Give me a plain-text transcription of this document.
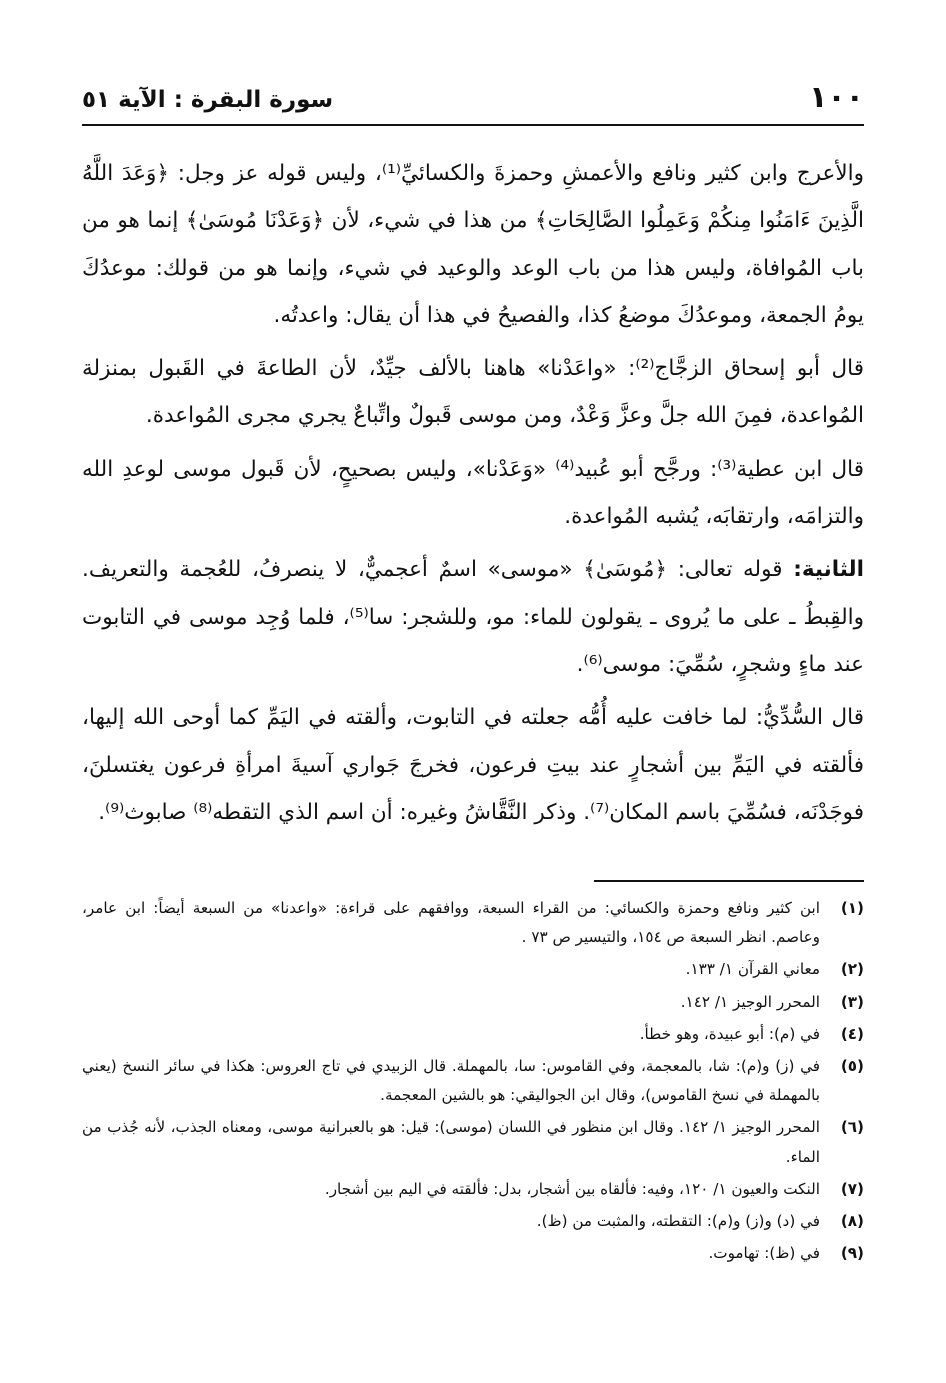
١٠٠
سورة البقرة : الآية ٥١

والأعرج وابن كثير ونافع والأعمشِ وحمزةَ والكسائيِّ⁽¹⁾، وليس قوله عز وجل: ﴿وَعَدَ اللَّهُ الَّذِينَ ءَامَنُوا مِنكُمْ وَعَمِلُوا الصَّالِحَاتِ﴾ من هذا في شيء، لأن ﴿وَعَدْنَا مُوسَىٰ﴾ إنما هو من باب المُوافاة، وليس هذا من باب الوعد والوعيد في شيء، وإنما هو من قولك: موعدُكَ يومُ الجمعة، وموعدُكَ موضعُ كذا، والفصيحُ في هذا أن يقال: واعدتُه.

قال أبو إسحاق الزجَّاج⁽²⁾: «واعَدْنا» هاهنا بالألف جيِّدٌ، لأن الطاعةَ في القَبول بمنزلة المُواعدة، فمِنَ الله جلَّ وعزَّ وَعْدٌ، ومن موسى قَبولٌ واتِّباعٌ يجري مجرى المُواعدة.

قال ابن عطية⁽³⁾: ورجَّح أبو عُبيد⁽⁴⁾ «وَعَدْنا»، وليس بصحيحٍ، لأن قَبول موسى لوعدِ الله والتزامَه، وارتقابَه، يُشبه المُواعدة.

الثانية: قوله تعالى: ﴿مُوسَىٰ﴾ «موسى» اسمٌ أعجميٌّ، لا ينصرفُ، للعُجمة والتعريف. والقِبطُ ـ على ما يُروى ـ يقولون للماء: مو، وللشجر: سا⁽⁵⁾، فلما وُجِد موسى في التابوت عند ماءٍ وشجرٍ، سُمِّيَ: موسى⁽⁶⁾.

قال السُّدِّيُّ: لما خافت عليه أُمُّه جعلته في التابوت، وألقته في اليَمِّ كما أوحى الله إليها، فألقته في اليَمِّ بين أشجارٍ عند بيتِ فرعون، فخرجَ جَواري آسيةَ امرأةِ فرعون يغتسلنَ، فوجَدْنَه، فسُمِّيَ باسم المكان⁽⁷⁾. وذكر النَّقَّاشُ وغيره: أن اسم الذي التقطه⁽⁸⁾ صابوث⁽⁹⁾.

(١)
ابن كثير ونافع وحمزة والكسائي: من القراء السبعة، ووافقهم على قراءة: «واعدنا» من السبعة أيضاً: ابن عامر، وعاصم. انظر السبعة ص ١٥٤، والتيسير ص ٧٣ .
(٢)
معاني القرآن ١/ ١٣٣.
(٣)
المحرر الوجيز ١/ ١٤٢.
(٤)
في (م): أبو عبيدة، وهو خطأ.
(٥)
في (ز) و(م): شا، بالمعجمة، وفي القاموس: سا، بالمهملة. قال الزبيدي في تاج العروس: هكذا في سائر النسخ (يعني بالمهملة في نسخ القاموس)، وقال ابن الجواليقي: هو بالشين المعجمة.
(٦)
المحرر الوجيز ١/ ١٤٢. وقال ابن منظور في اللسان (موسى): قيل: هو بالعبرانية موسى، ومعناه الجذب، لأنه جُذب من الماء.
(٧)
النكت والعيون ١/ ١٢٠، وفيه: فألقاه بين أشجار، بدل: فألقته في اليم بين أشجار.
(٨)
في (د) و(ز) و(م): التقطته، والمثبت من (ظ).
(٩)
في (ظ): تهاموت.
